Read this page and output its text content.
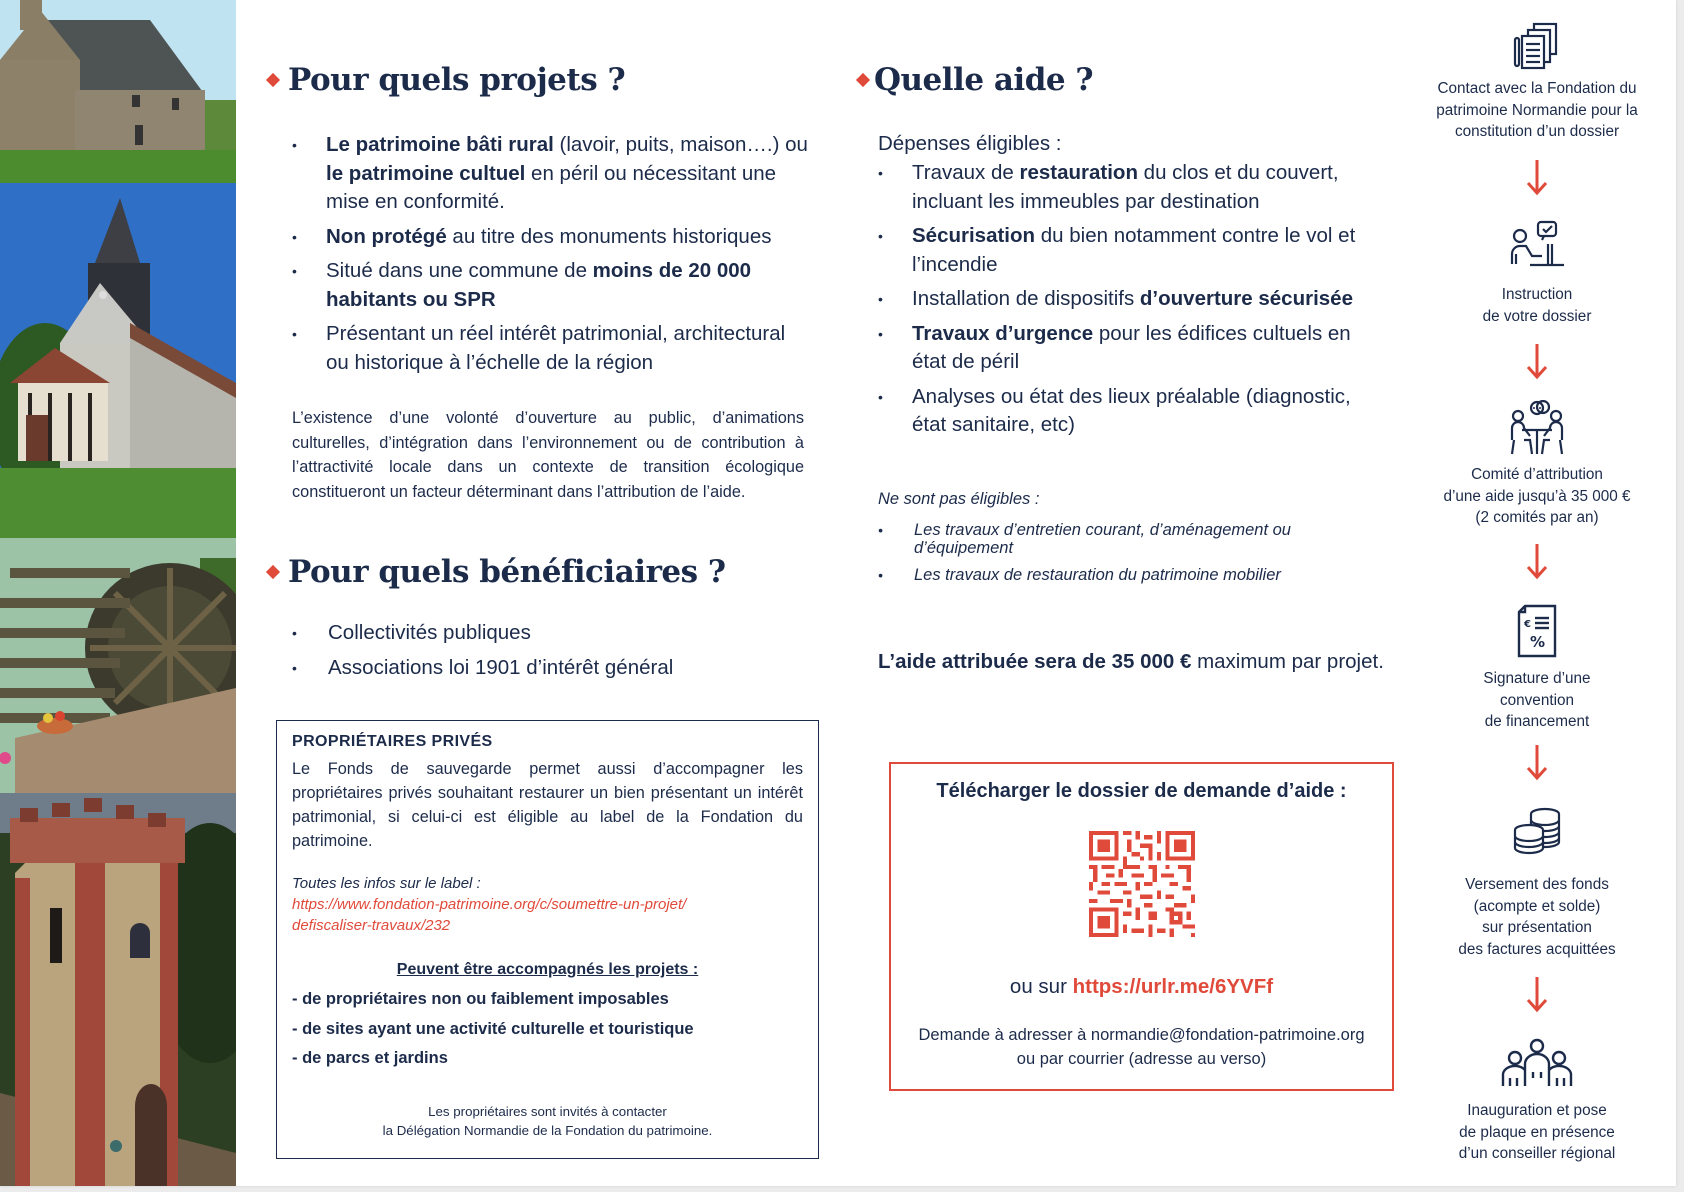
Pour quels projets ?
• Le patrimoine bâti rural (lavoir, puits, maison….) ou le patrimoine cultuel en péril ou nécessitant une mise en conformité.
• Non protégé au titre des monuments historiques
• Situé dans une commune de moins de 20 000 habitants ou SPR
• Présentant un réel intérêt patrimonial, architectural ou historique à l’échelle de la région

L’existence d’une volonté d’ouverture au public, d’animations culturelles, d’intégration dans l’environnement ou de contribution à l’attractivité locale dans un contexte de transition écologique constitueront un facteur déterminant dans l’attribution de l’aide.

Pour quels bénéficiaires ?
• Collectivités publiques
• Associations loi 1901 d’intérêt général
PROPRIÉTAIRES PRIVÉS

Le Fonds de sauvegarde permet aussi d’accompagner les propriétaires privés souhaitant restaurer un bien présentant un intérêt patrimonial, si celui-ci est éligible au label de la Fondation du patrimoine.

Toutes les infos sur le label :

https://www.fondation-patrimoine.org/c/soumettre-un-projet/
defiscaliser-travaux/232
Peuvent être accompagnés les projets :
- de propriétaires non ou faiblement imposables
- de sites ayant une activité culturelle et touristique
- de parcs et jardins
Les propriétaires sont invités à contacter
la Délégation Normandie de la Fondation du patrimoine.
Quelle aide ?
Dépenses éligibles :
• Travaux de restauration du clos et du couvert, incluant les immeubles par destination
• Sécurisation du bien notamment contre le vol et l’incendie
• Installation de dispositifs d’ouverture sécurisée
• Travaux d’urgence pour les édifices cultuels en état de péril
• Analyses ou état des lieux préalable (diagnostic, état sanitaire, etc)
Ne sont pas éligibles :
• Les travaux d’entretien courant, d’aménagement ou d’équipement
• Les travaux de restauration du patrimoine mobilier
L’aide attribuée sera de 35 000 € maximum par projet.
Télécharger le dossier de demande d’aide :
ou sur https://urlr.me/6YVFf
Demande à adresser à normandie@fondation-patrimoine.org
ou par courrier (adresse au verso)
Contact avec la Fondation du
patrimoine Normandie pour la
constitution d’un dossier
Instruction
de votre dossier
Comité d’attribution
d’une aide jusqu’à 35 000 €
(2 comités par an)
€
%
Signature d’une
convention
de financement
Versement des fonds
(acompte et solde)
sur présentation
des factures acquittées
Inauguration et pose
de plaque en présence
d’un conseiller régional
